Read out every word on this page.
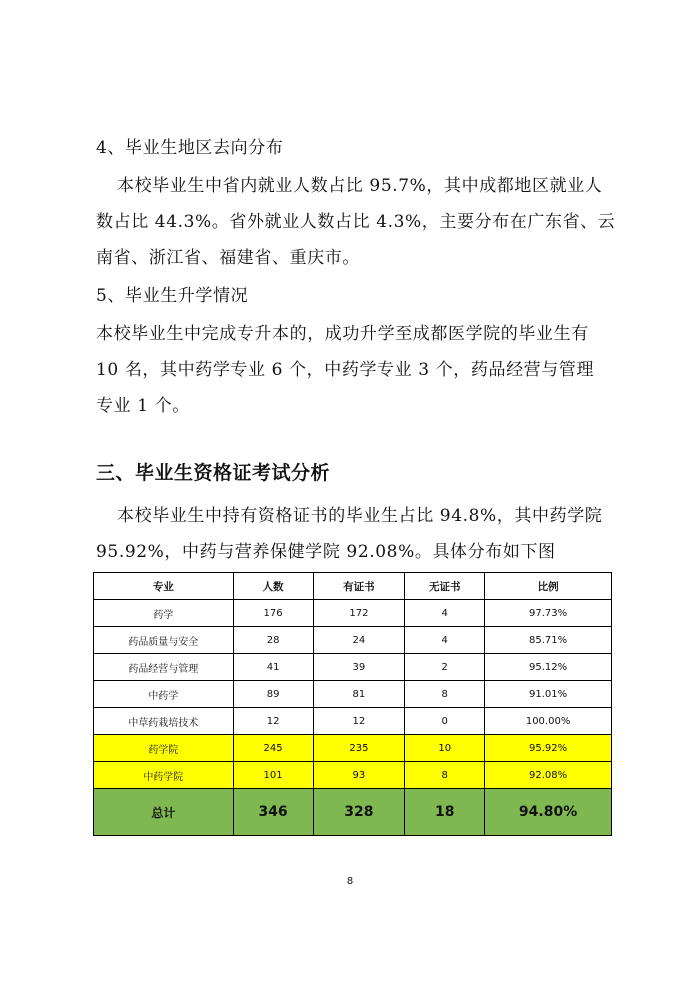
4、毕业生地区去向分布
本校毕业生中省内就业人数占比 95.7%，其中成都地区就业人
数占比 44.3%。省外就业人数占比 4.3%，主要分布在广东省、云
南省、浙江省、福建省、重庆市。
5、毕业生升学情况
本校毕业生中完成专升本的，成功升学至成都医学院的毕业生有
10 名，其中药学专业 6 个，中药学专业 3 个，药品经营与管理
专业 1 个。
三、毕业生资格证考试分析
本校毕业生中持有资格证书的毕业生占比 94.8%，其中药学院
95.92%，中药与营养保健学院 92.08%。具体分布如下图
专业	人数	有证书	无证书	比例
药学	176	172	4	97.73%
药品质量与安全	28	24	4	85.71%
药品经营与管理	41	39	2	95.12%
中药学	89	81	8	91.01%
中草药栽培技术	12	12	0	100.00%
药学院	245	235	10	95.92%
中药学院	101	93	8	92.08%
总计	346	328	18	94.80%
8
